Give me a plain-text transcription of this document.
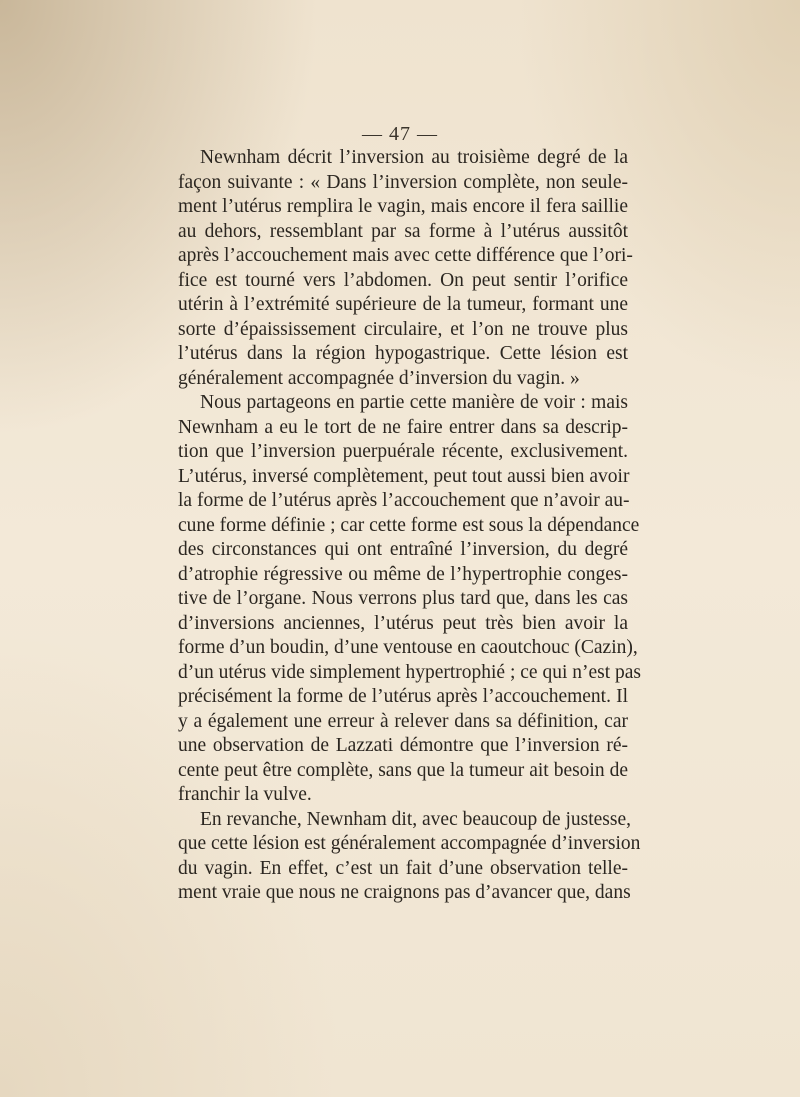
— 47 —
Newnham décrit l’inversion au troisième degré de la
façon suivante : « Dans l’inversion complète, non seule-
ment l’utérus remplira le vagin, mais encore il fera saillie
au dehors, ressemblant par sa forme à l’utérus aussitôt
après l’accouchement mais avec cette différence que l’ori-
fice est tourné vers l’abdomen. On peut sentir l’orifice
utérin à l’extrémité supérieure de la tumeur, formant une
sorte d’épaississement circulaire, et l’on ne trouve plus
l’utérus dans la région hypogastrique. Cette lésion est
généralement accompagnée d’inversion du vagin. »
Nous partageons en partie cette manière de voir : mais
Newnham a eu le tort de ne faire entrer dans sa descrip-
tion que l’inversion puerpuérale récente, exclusivement.
L’utérus, inversé complètement, peut tout aussi bien avoir
la forme de l’utérus après l’accouchement que n’avoir au-
cune forme définie ; car cette forme est sous la dépendance
des circonstances qui ont entraîné l’inversion, du degré
d’atrophie régressive ou même de l’hypertrophie conges-
tive de l’organe. Nous verrons plus tard que, dans les cas
d’inversions anciennes, l’utérus peut très bien avoir la
forme d’un boudin, d’une ventouse en caoutchouc (Cazin),
d’un utérus vide simplement hypertrophié ; ce qui n’est pas
précisément la forme de l’utérus après l’accouchement. Il
y a également une erreur à relever dans sa définition, car
une observation de Lazzati démontre que l’inversion ré-
cente peut être complète, sans que la tumeur ait besoin de
franchir la vulve.
En revanche, Newnham dit, avec beaucoup de justesse,
que cette lésion est généralement accompagnée d’inversion
du vagin. En effet, c’est un fait d’une observation telle-
ment vraie que nous ne craignons pas d’avancer que, dans
